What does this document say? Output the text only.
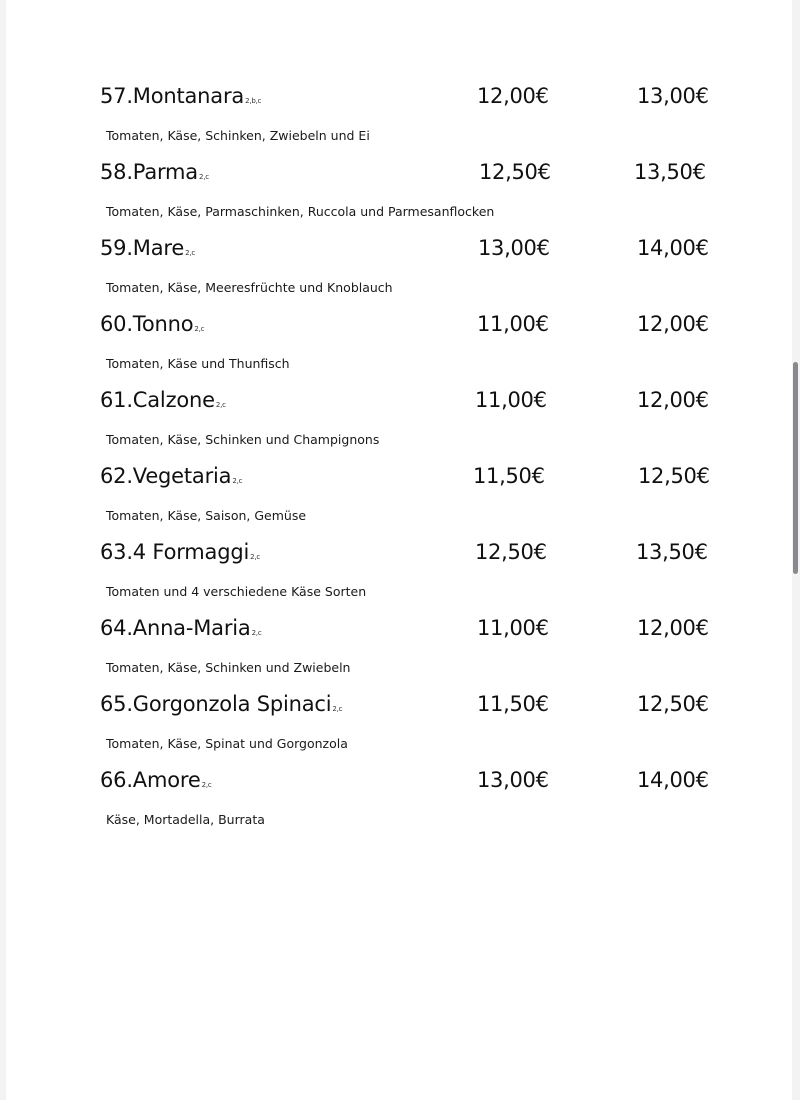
57.Montanara2,b,c	12,00€	13,00€
Tomaten, Käse, Schinken, Zwiebeln und Ei
58.Parma2,c	12,50€	13,50€
Tomaten, Käse, Parmaschinken, Ruccola und Parmesanflocken
59.Mare2,c	13,00€	14,00€
Tomaten, Käse, Meeresfrüchte und Knoblauch
60.Tonno2,c	11,00€	12,00€
Tomaten, Käse und Thunfisch
61.Calzone2,c	11,00€	12,00€
Tomaten, Käse, Schinken und Champignons
62.Vegetaria2,c	11,50€	12,50€
Tomaten, Käse, Saison, Gemüse
63.4 Formaggi2,c	12,50€	13,50€
Tomaten und 4 verschiedene Käse Sorten
64.Anna-Maria2,c	11,00€	12,00€
Tomaten, Käse, Schinken und Zwiebeln
65.Gorgonzola Spinaci2,c	11,50€	12,50€
Tomaten, Käse, Spinat und Gorgonzola
66.Amore2,c	13,00€	14,00€
Käse, Mortadella, Burrata
